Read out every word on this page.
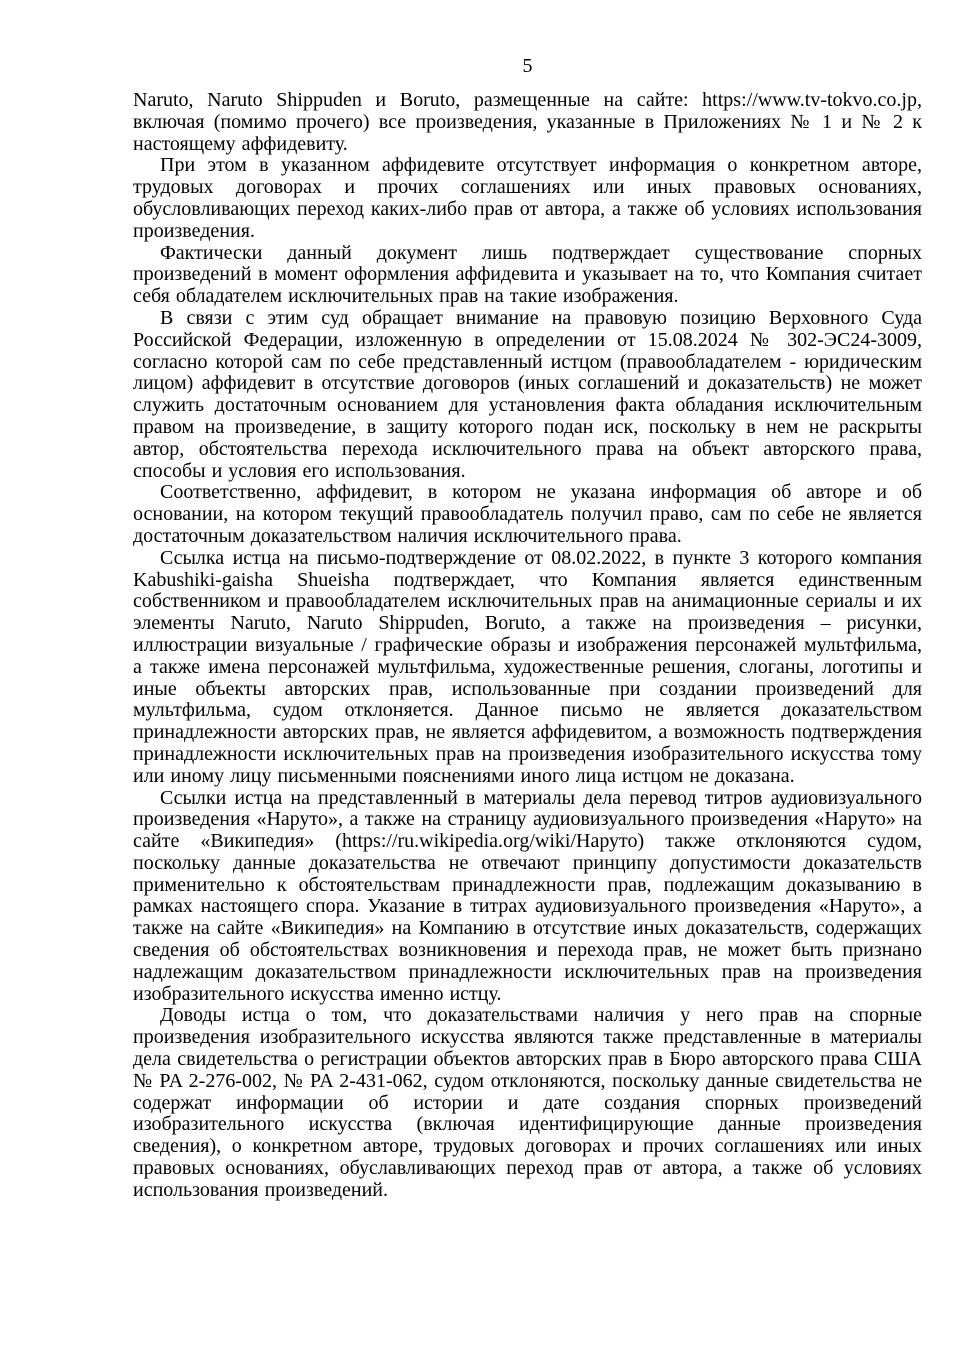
5

Naruto, Naruto Shippuden и Boruto, размещенные на сайте: https://www.tv-tokvo.co.jp, включая (помимо прочего) все произведения, указанные в Приложениях № 1 и № 2 к настоящему аффидевиту.

При этом в указанном аффидевите отсутствует информация о конкретном авторе, трудовых договорах и прочих соглашениях или иных правовых основаниях, обусловливающих переход каких-либо прав от автора, а также об условиях использования произведения.

Фактически данный документ лишь подтверждает существование спорных произведений в момент оформления аффидевита и указывает на то, что Компания считает себя обладателем исключительных прав на такие изображения.

В связи с этим суд обращает внимание на правовую позицию Верховного Суда Российской Федерации, изложенную в определении от 15.08.2024 № 302-ЭС24-3009, согласно которой сам по себе представленный истцом (правообладателем - юридическим лицом) аффидевит в отсутствие договоров (иных соглашений и доказательств) не может служить достаточным основанием для установления факта обладания исключительным правом на произведение, в защиту которого подан иск, поскольку в нем не раскрыты автор, обстоятельства перехода исключительного права на объект авторского права, способы и условия его использования.

Соответственно, аффидевит, в котором не указана информация об авторе и об основании, на котором текущий правообладатель получил право, сам по себе не является достаточным доказательством наличия исключительного права.

Ссылка истца на письмо-подтверждение от 08.02.2022, в пункте 3 которого компания Kabushiki-gaisha Shueisha подтверждает, что Компания является единственным собственником и правообладателем исключительных прав на анимационные сериалы и их элементы Naruto, Naruto Shippuden, Boruto, а также на произведения – рисунки, иллюстрации визуальные / графические образы и изображения персонажей мультфильма, а также имена персонажей мультфильма, художественные решения, слоганы, логотипы и иные объекты авторских прав, использованные при создании произведений для мультфильма, судом отклоняется. Данное письмо не является доказательством принадлежности авторских прав, не является аффидевитом, а возможность подтверждения принадлежности исключительных прав на произведения изобразительного искусства тому или иному лицу письменными пояснениями иного лица истцом не доказана.

Ссылки истца на представленный в материалы дела перевод титров аудиовизуального произведения «Наруто», а также на страницу аудиовизуального произведения «Наруто» на сайте «Википедия» (https://ru.wikipedia.org/wiki/Наруто) также отклоняются судом, поскольку данные доказательства не отвечают принципу допустимости доказательств применительно к обстоятельствам принадлежности прав, подлежащим доказыванию в рамках настоящего спора. Указание в титрах аудиовизуального произведения «Наруто», а также на сайте «Википедия» на Компанию в отсутствие иных доказательств, содержащих сведения об обстоятельствах возникновения и перехода прав, не может быть признано надлежащим доказательством принадлежности исключительных прав на произведения изобразительного искусства именно истцу.

Доводы истца о том, что доказательствами наличия у него прав на спорные произведения изобразительного искусства являются также представленные в материалы дела свидетельства о регистрации объектов авторских прав в Бюро авторского права США № PA 2-276-002, № PA 2-431-062, судом отклоняются, поскольку данные свидетельства не содержат информации об истории и дате создания спорных произведений изобразительного искусства (включая идентифицирующие данные произведения сведения), о конкретном авторе, трудовых договорах и прочих соглашениях или иных правовых основаниях, обуславливающих переход прав от автора, а также об условиях использования произведений.
